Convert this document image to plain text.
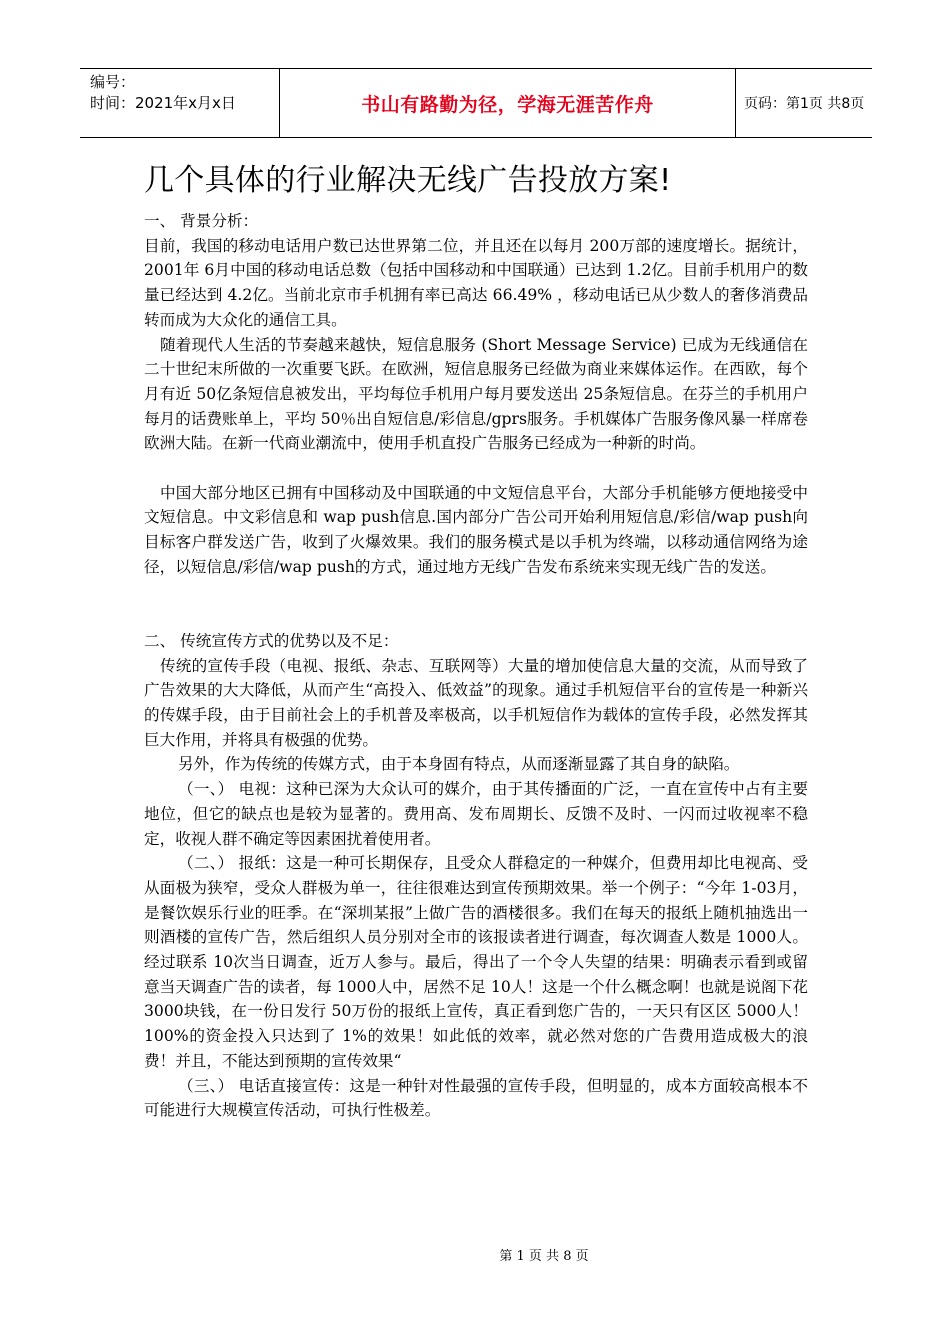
编号：
时间：2021年x月x日	书山有路勤为径，学海无涯苦作舟	页码：第1页 共8页
几个具体的行业解决无线广告投放方案!

一、 背景分析：

目前，我国的移动电话用户数已达世界第二位，并且还在以每月 200万部的速度增长。据统计， 2001年 6月中国的移动电话总数（包括中国移动和中国联通）已达到 1.2亿。目前手机用户的数量已经达到 4.2亿。当前北京市手机拥有率已高达 66.49% ，移动电话已从少数人的奢侈消费品转而成为大众化的通信工具。

随着现代人生活的节奏越来越快，短信息服务 (Short Message Service) 已成为无线通信在二十世纪末所做的一次重要飞跃。在欧洲，短信息服务已经做为商业来媒体运作。在西欧，每个月有近 50亿条短信息被发出，平均每位手机用户每月要发送出 25条短信息。在芬兰的手机用户每月的话费账单上，平均 50％出自短信息/彩信息/gprs服务。手机媒体广告服务像风暴一样席卷欧洲大陆。在新一代商业潮流中，使用手机直投广告服务已经成为一种新的时尚。

中国大部分地区已拥有中国移动及中国联通的中文短信息平台，大部分手机能够方便地接受中文短信息。中文彩信息和 wap push信息.国内部分广告公司开始利用短信息/彩信/wap push向目标客户群发送广告，收到了火爆效果。我们的服务模式是以手机为终端，以移动通信网络为途径，以短信息/彩信/wap push的方式，通过地方无线广告发布系统来实现无线广告的发送。

二、 传统宣传方式的优势以及不足：

传统的宣传手段（电视、报纸、杂志、互联网等）大量的增加使信息大量的交流，从而导致了广告效果的大大降低，从而产生“高投入、低效益”的现象。通过手机短信平台的宣传是一种新兴的传媒手段，由于目前社会上的手机普及率极高，以手机短信作为载体的宣传手段，必然发挥其巨大作用，并将具有极强的优势。

另外，作为传统的传媒方式，由于本身固有特点，从而逐渐显露了其自身的缺陷。

（一、） 电视：这种已深为大众认可的媒介，由于其传播面的广泛，一直在宣传中占有主要地位，但它的缺点也是较为显著的。费用高、发布周期长、反馈不及时、一闪而过收视率不稳定，收视人群不确定等因素困扰着使用者。

（二、） 报纸：这是一种可长期保存，且受众人群稳定的一种媒介，但费用却比电视高、受从面极为狭窄，受众人群极为单一，往往很难达到宣传预期效果。举一个例子：“今年 1-03月，是餐饮娱乐行业的旺季。在“深圳某报”上做广告的酒楼很多。我们在每天的报纸上随机抽选出一则酒楼的宣传广告，然后组织人员分别对全市的该报读者进行调查，每次调查人数是 1000人。经过联系 10次当日调查，近万人参与。最后，得出了一个令人失望的结果：明确表示看到或留意当天调查广告的读者，每 1000人中，居然不足 10人！这是一个什么概念啊！也就是说阁下花 3000块钱，在一份日发行 50万份的报纸上宣传，真正看到您广告的，一天只有区区 5000人！ 100%的资金投入只达到了 1%的效果！如此低的效率，就必然对您的广告费用造成极大的浪费！并且，不能达到预期的宣传效果“

（三、） 电话直接宣传：这是一种针对性最强的宣传手段，但明显的，成本方面较高根本不可能进行大规模宣传活动，可执行性极差。

第 1 页 共 8 页
